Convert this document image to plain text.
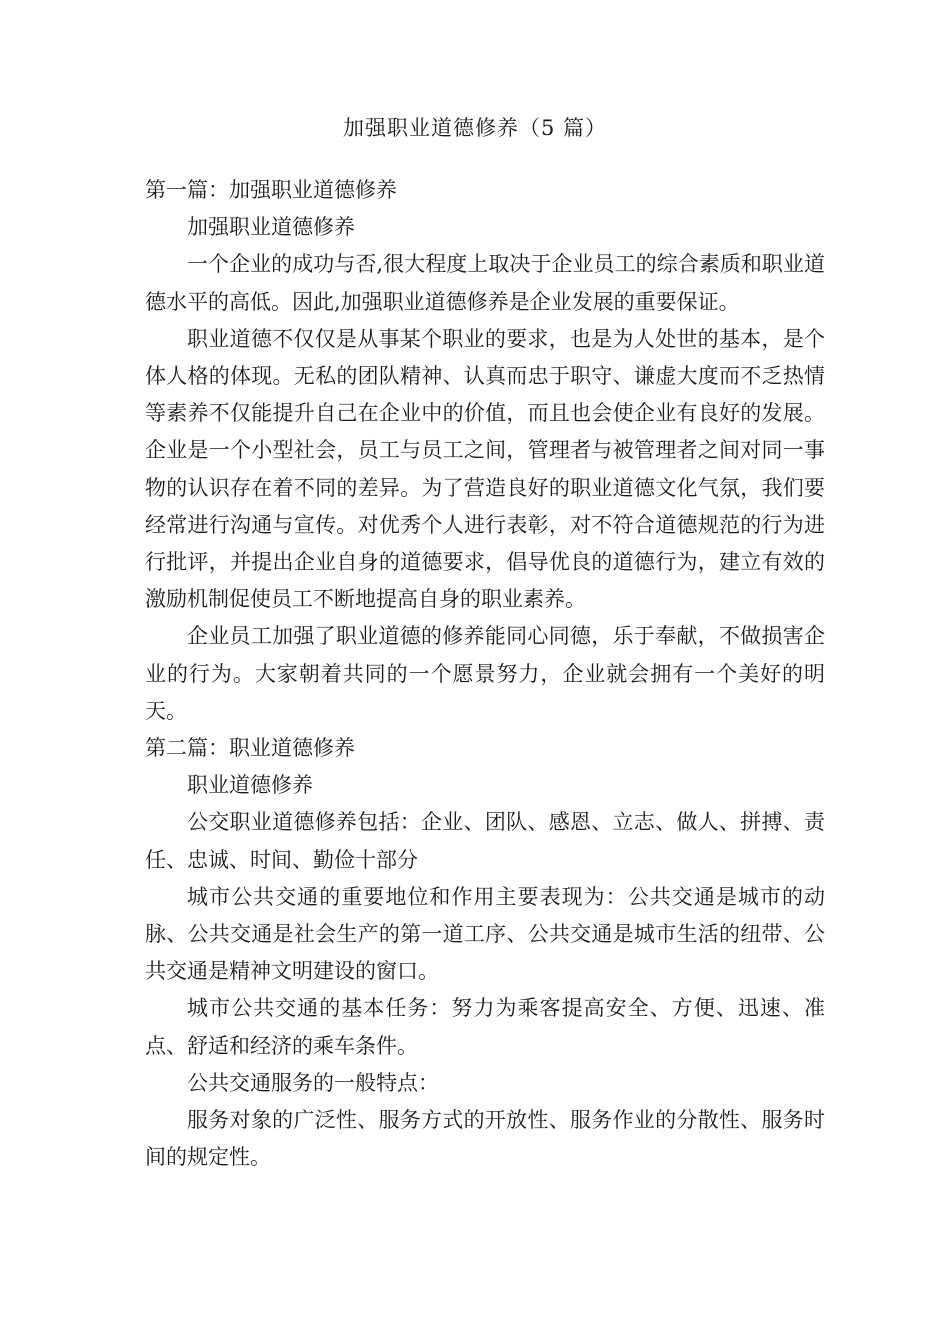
加强职业道德修养（5 篇）

第一篇：加强职业道德修养

加强职业道德修养

一个企业的成功与否,很大程度上取决于企业员工的综合素质和职业道德水平的高低。因此,加强职业道德修养是企业发展的重要保证。

职业道德不仅仅是从事某个职业的要求，也是为人处世的基本，是个体人格的体现。无私的团队精神、认真而忠于职守、谦虚大度而不乏热情等素养不仅能提升自己在企业中的价值，而且也会使企业有良好的发展。企业是一个小型社会，员工与员工之间，管理者与被管理者之间对同一事物的认识存在着不同的差异。为了营造良好的职业道德文化气氛，我们要经常进行沟通与宣传。对优秀个人进行表彰，对不符合道德规范的行为进行批评，并提出企业自身的道德要求，倡导优良的道德行为，建立有效的激励机制促使员工不断地提高自身的职业素养。

企业员工加强了职业道德的修养能同心同德，乐于奉献，不做损害企业的行为。大家朝着共同的一个愿景努力，企业就会拥有一个美好的明天。

第二篇：职业道德修养

职业道德修养

公交职业道德修养包括：企业、团队、感恩、立志、做人、拼搏、责任、忠诚、时间、勤俭十部分

城市公共交通的重要地位和作用主要表现为：公共交通是城市的动脉、公共交通是社会生产的第一道工序、公共交通是城市生活的纽带、公共交通是精神文明建设的窗口。

城市公共交通的基本任务：努力为乘客提高安全、方便、迅速、准点、舒适和经济的乘车条件。

公共交通服务的一般特点：

服务对象的广泛性、服务方式的开放性、服务作业的分散性、服务时间的规定性。
